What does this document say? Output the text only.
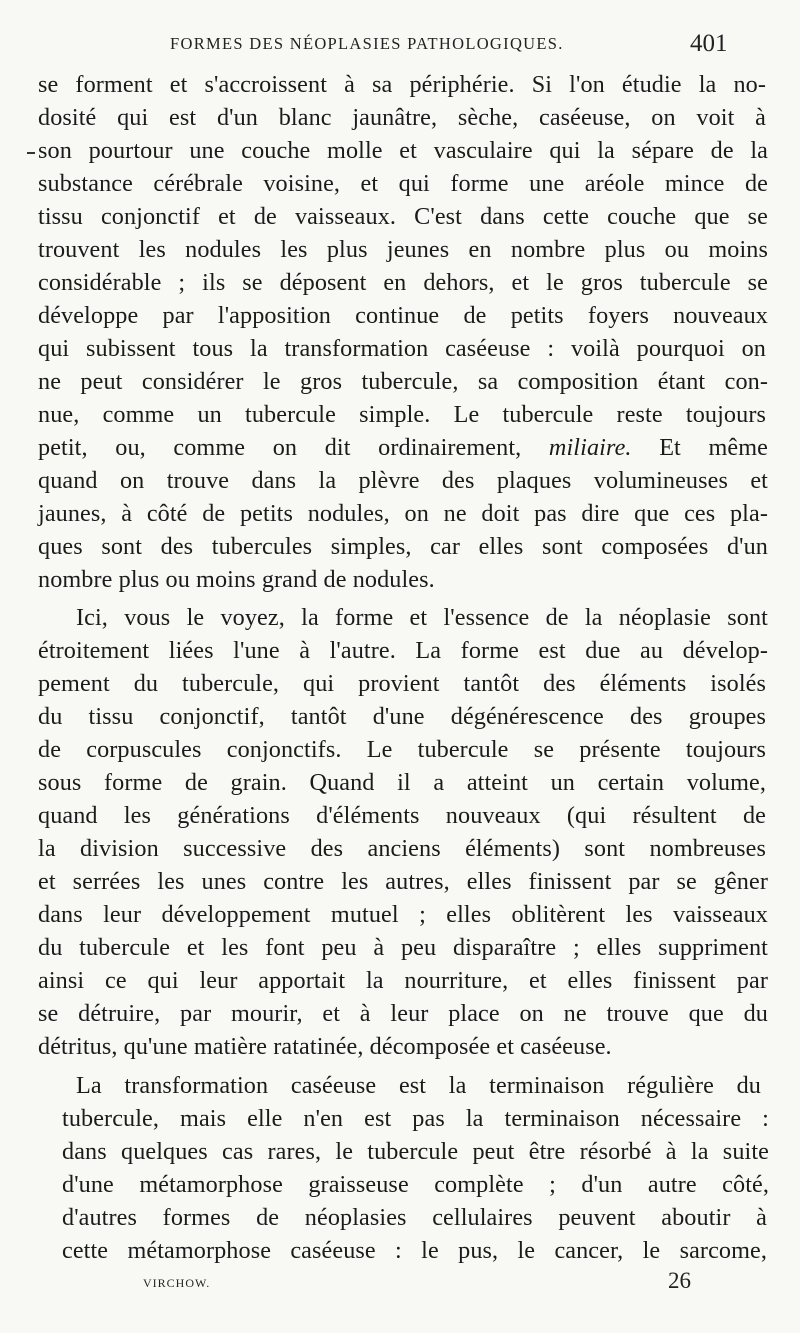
FORMES DES NÉOPLASIES PATHOLOGIQUES.	401
se forment et s'accroissent à sa périphérie. Si l'on étudie la no-
dosité qui est d'un blanc jaunâtre, sèche, caséeuse, on voit à
son pourtour une couche molle et vasculaire qui la sépare de la
substance cérébrale voisine, et qui forme une aréole mince de
tissu conjonctif et de vaisseaux. C'est dans cette couche que se
trouvent les nodules les plus jeunes en nombre plus ou moins
considérable ; ils se déposent en dehors, et le gros tubercule se
développe par l'apposition continue de petits foyers nouveaux
qui subissent tous la transformation caséeuse : voilà pourquoi on
ne peut considérer le gros tubercule, sa composition étant con-
nue, comme un tubercule simple. Le tubercule reste toujours
petit, ou, comme on dit ordinairement, miliaire. Et même
quand on trouve dans la plèvre des plaques volumineuses et
jaunes, à côté de petits nodules, on ne doit pas dire que ces pla-
ques sont des tubercules simples, car elles sont composées d'un
nombre plus ou moins grand de nodules.
Ici, vous le voyez, la forme et l'essence de la néoplasie sont
étroitement liées l'une à l'autre. La forme est due au dévelop-
pement du tubercule, qui provient tantôt des éléments isolés
du tissu conjonctif, tantôt d'une dégénérescence des groupes
de corpuscules conjonctifs. Le tubercule se présente toujours
sous forme de grain. Quand il a atteint un certain volume,
quand les générations d'éléments nouveaux (qui résultent de
la division successive des anciens éléments) sont nombreuses
et serrées les unes contre les autres, elles finissent par se gêner
dans leur développement mutuel ; elles oblitèrent les vaisseaux
du tubercule et les font peu à peu disparaître ; elles suppriment
ainsi ce qui leur apportait la nourriture, et elles finissent par
se détruire, par mourir, et à leur place on ne trouve que du
détritus, qu'une matière ratatinée, décomposée et caséeuse.
La transformation caséeuse est la terminaison régulière du
tubercule, mais elle n'en est pas la terminaison nécessaire :
dans quelques cas rares, le tubercule peut être résorbé à la suite
d'une métamorphose graisseuse complète ; d'un autre côté,
d'autres formes de néoplasies cellulaires peuvent aboutir à
cette métamorphose caséeuse : le pus, le cancer, le sarcome,
VIRCHOW.	26
